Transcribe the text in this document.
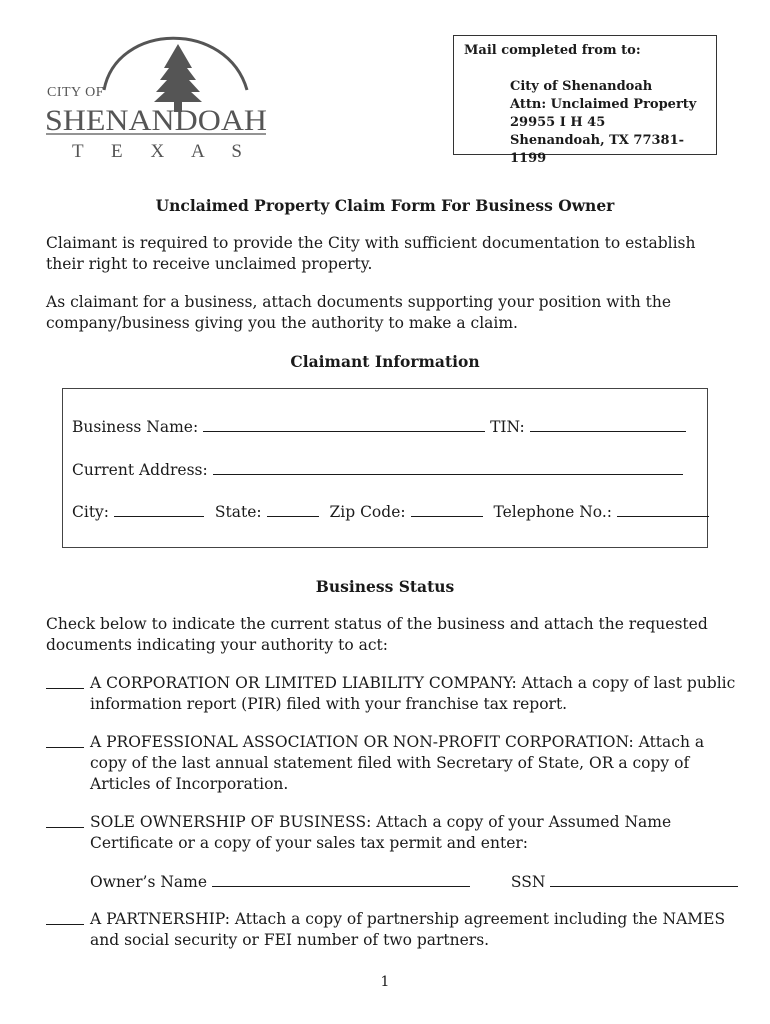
CITY OF
SHENANDOAH
T E X A S
Mail completed from to:
City of Shenandoah
Attn: Unclaimed Property
29955 I H 45
Shenandoah, TX 77381-1199
Unclaimed Property Claim Form For Business Owner
Claimant is required to provide the City with sufficient documentation to establish their right to receive unclaimed property.
As claimant for a business, attach documents supporting your position with the company/business giving you the authority to make a claim.
Claimant Information
Business Name:	TIN:
Current Address:
City:	State:	Zip Code:	Telephone No.:
Business Status
Check below to indicate the current status of the business and attach the requested documents indicating your authority to act:
A CORPORATION OR LIMITED LIABILITY COMPANY: Attach a copy of last public information report (PIR) filed with your franchise tax report.
A PROFESSIONAL ASSOCIATION OR NON-PROFIT CORPORATION: Attach a copy of the last annual statement filed with Secretary of State, OR a copy of Articles of Incorporation.
SOLE OWNERSHIP OF BUSINESS: Attach a copy of your Assumed Name Certificate or a copy of your sales tax permit and enter:
Owner’s Name	SSN
A PARTNERSHIP: Attach a copy of partnership agreement including the NAMES and social security or FEI number of two partners.
1
